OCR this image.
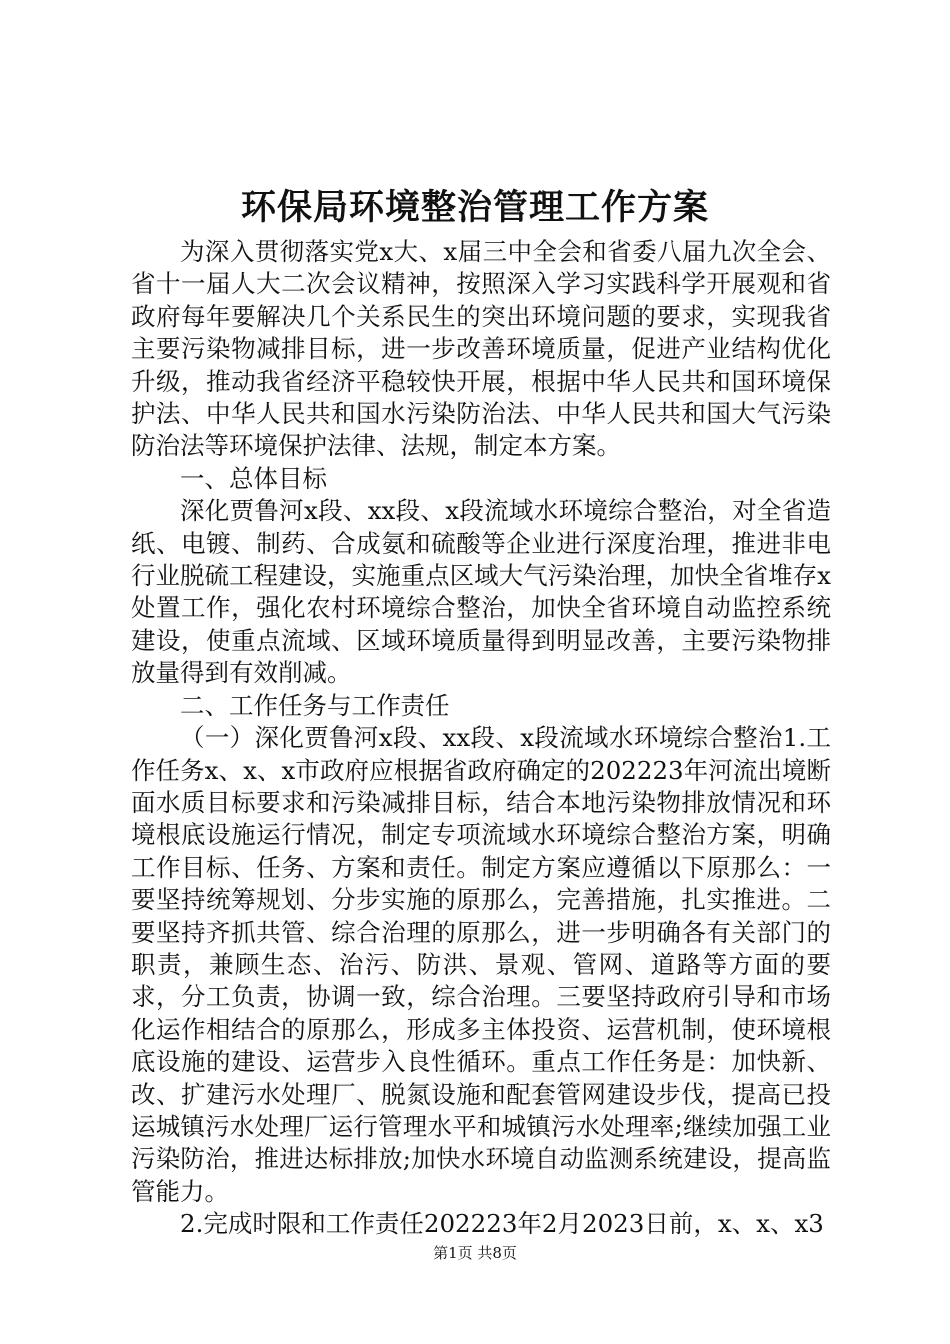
环保局环境整治管理工作方案

为深入贯彻落实党x大、x届三中全会和省委八届九次全会、省十一届人大二次会议精神，按照深入学习实践科学开展观和省政府每年要解决几个关系民生的突出环境问题的要求，实现我省主要污染物减排目标，进一步改善环境质量，促进产业结构优化升级，推动我省经济平稳较快开展，根据中华人民共和国环境保护法、中华人民共和国水污染防治法、中华人民共和国大气污染防治法等环境保护法律、法规，制定本方案。

一、总体目标

深化贾鲁河x段、xx段、x段流域水环境综合整治，对全省造纸、电镀、制药、合成氨和硫酸等企业进行深度治理，推进非电行业脱硫工程建设，实施重点区域大气污染治理，加快全省堆存x处置工作，强化农村环境综合整治，加快全省环境自动监控系统建设，使重点流域、区域环境质量得到明显改善，主要污染物排放量得到有效削减。

二、工作任务与工作责任

（一）深化贾鲁河x段、xx段、x段流域水环境综合整治1.工作任务x、x、x市政府应根据省政府确定的202223年河流出境断面水质目标要求和污染减排目标，结合本地污染物排放情况和环境根底设施运行情况，制定专项流域水环境综合整治方案，明确工作目标、任务、方案和责任。制定方案应遵循以下原那么：一要坚持统筹规划、分步实施的原那么，完善措施，扎实推进。二要坚持齐抓共管、综合治理的原那么，进一步明确各有关部门的职责，兼顾生态、治污、防洪、景观、管网、道路等方面的要求，分工负责，协调一致，综合治理。三要坚持政府引导和市场化运作相结合的原那么，形成多主体投资、运营机制，使环境根底设施的建设、运营步入良性循环。重点工作任务是：加快新、改、扩建污水处理厂、脱氮设施和配套管网建设步伐，提高已投运城镇污水处理厂运行管理水平和城镇污水处理率;继续加强工业污染防治，推进达标排放;加快水环境自动监测系统建设，提高监管能力。

2.完成时限和工作责任202223年2月2023日前，x、x、x3

第1页 共8页
